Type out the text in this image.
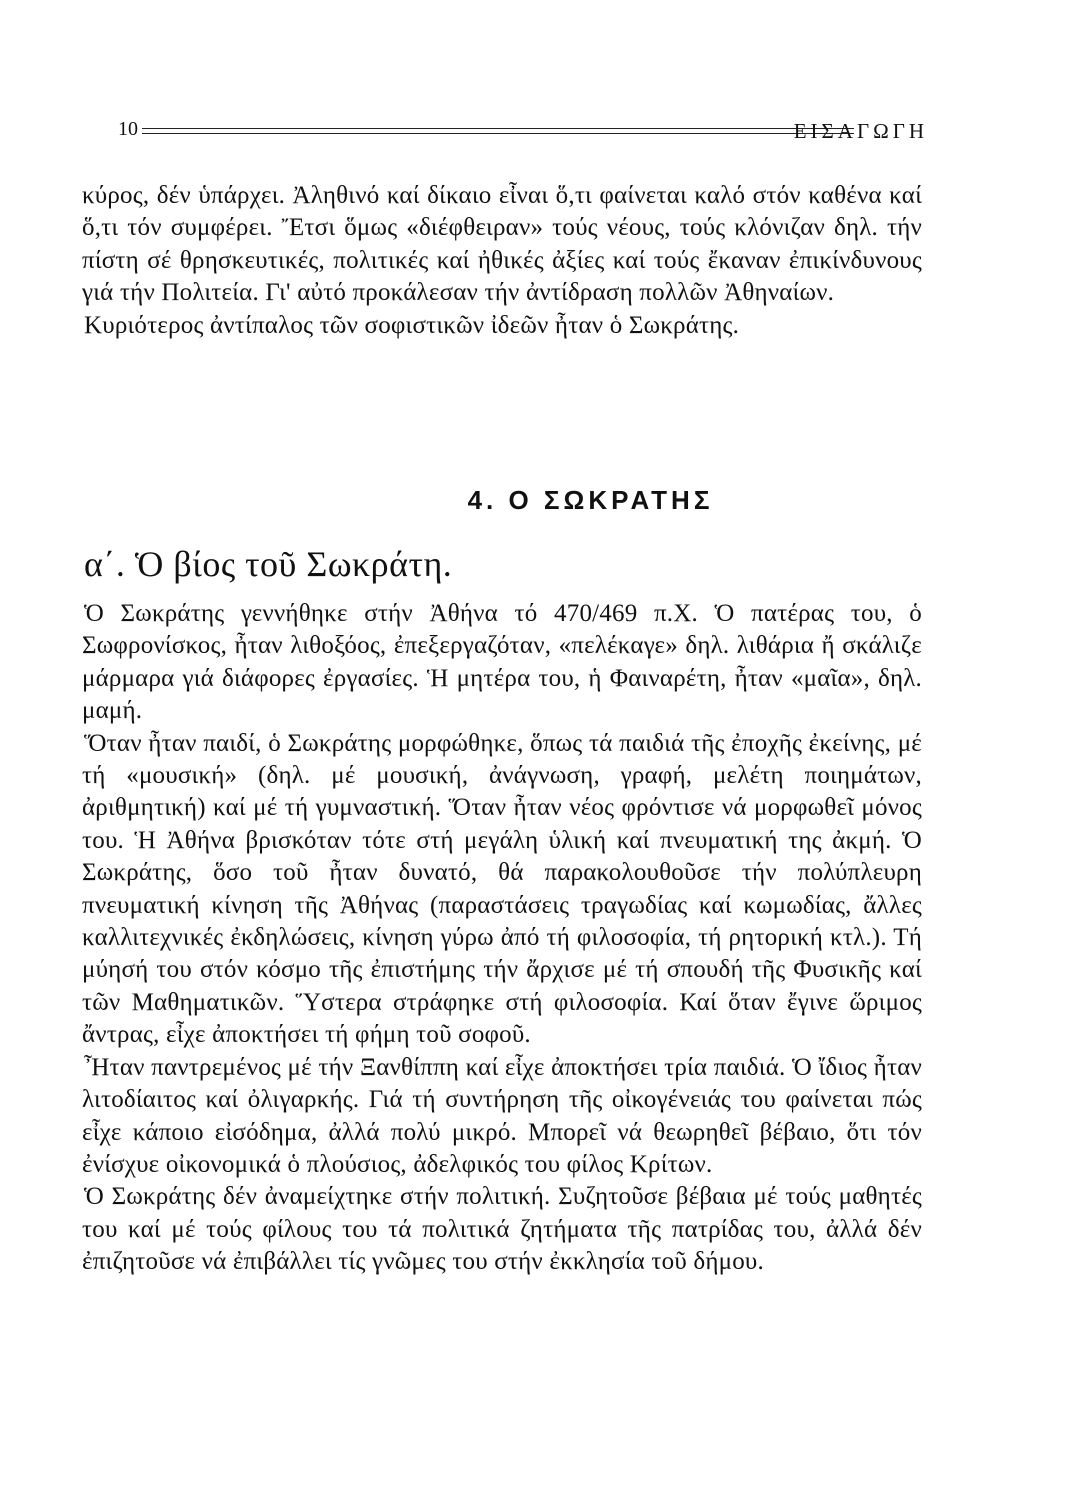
10	ΕΙΣΑΓΩΓΗ

κύρος, δέν ὑπάρχει. Ἀληθινό καί δίκαιο εἶναι ὅ,τι φαίνεται καλό στόν καθένα καί ὅ,τι τόν συμφέρει. Ἔτσι ὅμως «διέφθειραν» τούς νέους, τούς κλόνιζαν δηλ. τήν πίστη σέ θρησκευτικές, πολιτικές καί ἠθικές ἀξίες καί τούς ἔκαναν ἐπικίνδυνους γιά τήν Πολιτεία. Γι' αὐτό προκάλεσαν τήν ἀντίδραση πολλῶν Ἀθηναίων.

Κυριότερος ἀντίπαλος τῶν σοφιστικῶν ἰδεῶν ἦταν ὁ Σωκράτης.

4. Ο ΣΩΚΡΑΤΗΣ
α΄. Ὁ βίος τοῦ Σωκράτη.

Ὁ Σωκράτης γεννήθηκε στήν Ἀθήνα τό 470/469 π.Χ. Ὁ πατέρας του, ὁ Σωφρονίσκος, ἦταν λιθοξόος, ἐπεξεργαζόταν, «πελέκαγε» δηλ. λιθάρια ἤ σκάλιζε μάρμαρα γιά διάφορες ἐργασίες. Ἡ μητέρα του, ἡ Φαιναρέτη, ἦταν «μαῖα», δηλ. μαμή.

Ὅταν ἦταν παιδί, ὁ Σωκράτης μορφώθηκε, ὅπως τά παιδιά τῆς ἐποχῆς ἐκείνης, μέ τή «μουσική» (δηλ. μέ μουσική, ἀνάγνωση, γραφή, μελέτη ποιημάτων, ἀριθμητική) καί μέ τή γυμναστική. Ὅταν ἦταν νέος φρόντισε νά μορφωθεῖ μόνος του. Ἡ Ἀθήνα βρισκόταν τότε στή μεγάλη ὑλική καί πνευματική της ἀκμή. Ὁ Σωκράτης, ὅσο τοῦ ἦταν δυνατό, θά παρακολουθοῦσε τήν πολύπλευρη πνευματική κίνηση τῆς Ἀθήνας (παραστάσεις τραγωδίας καί κωμωδίας, ἄλλες καλλιτεχνικές ἐκδηλώσεις, κίνηση γύρω ἀπό τή φιλοσοφία, τή ρητορική κτλ.). Τή μύησή του στόν κόσμο τῆς ἐπιστήμης τήν ἄρχισε μέ τή σπουδή τῆς Φυσικῆς καί τῶν Μαθηματικῶν. Ὕστερα στράφηκε στή φιλοσοφία. Καί ὅταν ἔγινε ὥριμος ἄντρας, εἶχε ἀποκτήσει τή φήμη τοῦ σοφοῦ.

Ἦταν παντρεμένος μέ τήν Ξανθίππη καί εἶχε ἀποκτήσει τρία παιδιά. Ὁ ἴδιος ἦταν λιτοδίαιτος καί ὀλιγαρκής. Γιά τή συντήρηση τῆς οἰκογένειάς του φαίνεται πώς εἶχε κάποιο εἰσόδημα, ἀλλά πολύ μικρό. Μπορεῖ νά θεωρηθεῖ βέβαιο, ὅτι τόν ἐνίσχυε οἰκονομικά ὁ πλούσιος, ἀδελφικός του φίλος Κρίτων.

Ὁ Σωκράτης δέν ἀναμείχτηκε στήν πολιτική. Συζητοῦσε βέβαια μέ τούς μαθητές του καί μέ τούς φίλους του τά πολιτικά ζητήματα τῆς πατρίδας του, ἀλλά δέν ἐπιζητοῦσε νά ἐπιβάλλει τίς γνῶμες του στήν ἐκκλησία τοῦ δήμου.
